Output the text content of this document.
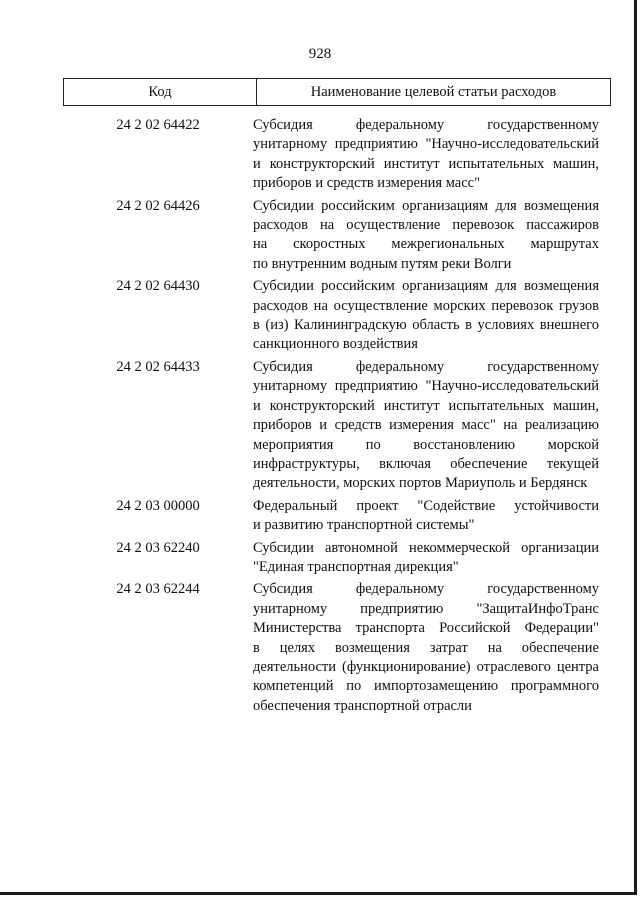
928
Код	Наименование целевой статьи расходов
24 2 02 64422	Субсидия федеральному государственному
унитарному предприятию "Научно-исследовательский
и конструкторский институт испытательных машин,
приборов и средств измерения масс"
24 2 02 64426	Субсидии российским организациям для возмещения
расходов на осуществление перевозок пассажиров
на скоростных межрегиональных маршрутах
по внутренним водным путям реки Волги
24 2 02 64430	Субсидии российским организациям для возмещения
расходов на осуществление морских перевозок грузов
в (из) Калининградскую область в условиях внешнего
санкционного воздействия
24 2 02 64433	Субсидия федеральному государственному
унитарному предприятию "Научно-исследовательский
и конструкторский институт испытательных машин,
приборов и средств измерения масс" на реализацию
мероприятия по восстановлению морской
инфраструктуры, включая обеспечение текущей
деятельности, морских портов Мариуполь и Бердянск
24 2 03 00000	Федеральный проект "Содействие устойчивости
и развитию транспортной системы"
24 2 03 62240	Субсидии автономной некоммерческой организации
"Единая транспортная дирекция"
24 2 03 62244	Субсидия федеральному государственному
унитарному предприятию "ЗащитаИнфоТранс
Министерства транспорта Российской Федерации"
в целях возмещения затрат на обеспечение
деятельности (функционирование) отраслевого центра
компетенций по импортозамещению программного
обеспечения транспортной отрасли
